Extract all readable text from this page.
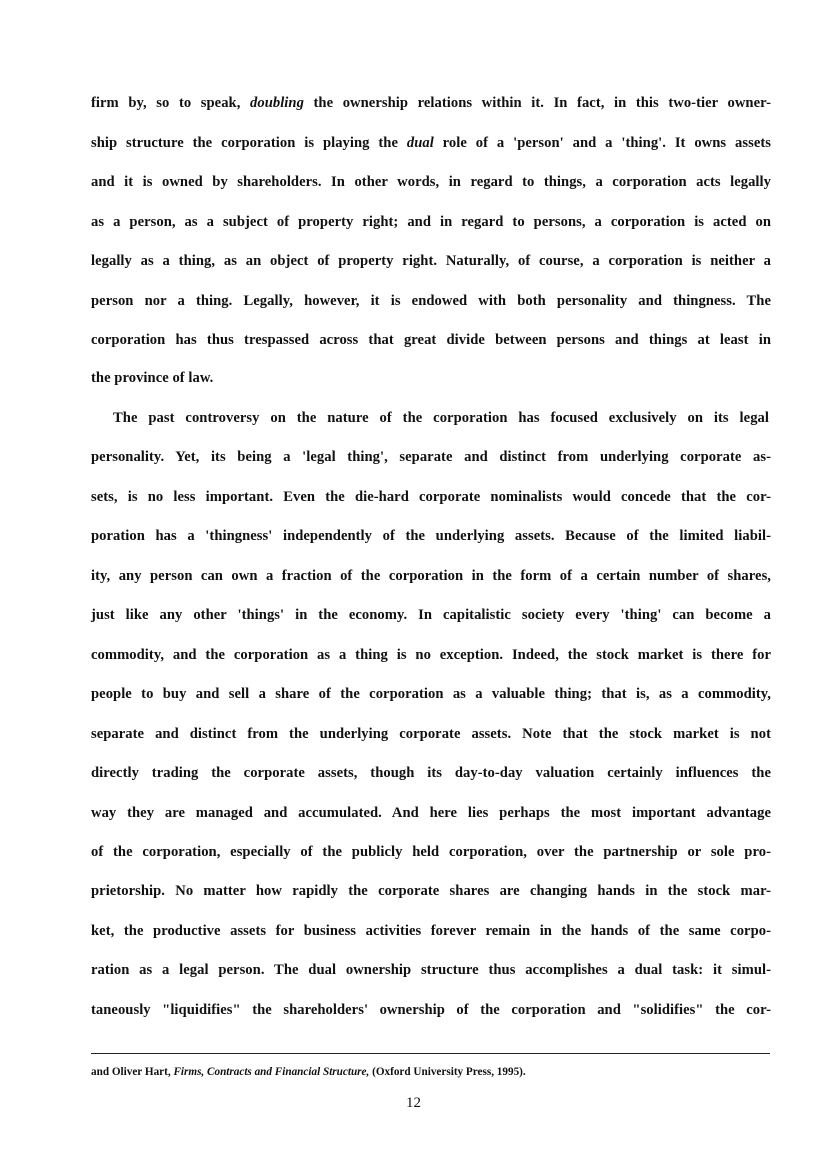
firm by, so to speak, doubling the ownership relations within it. In fact, in this two-tier owner-
ship structure the corporation is playing the dual role of a 'person' and a 'thing'. It owns assets
and it is owned by shareholders. In other words, in regard to things, a corporation acts legally
as a person, as a subject of property right; and in regard to persons, a corporation is acted on
legally as a thing, as an object of property right. Naturally, of course, a corporation is neither a
person nor a thing. Legally, however, it is endowed with both personality and thingness. The
corporation has thus trespassed across that great divide between persons and things at least in
the province of law.
The past controversy on the nature of the corporation has focused exclusively on its legal
personality. Yet, its being a 'legal thing', separate and distinct from underlying corporate as-
sets, is no less important. Even the die-hard corporate nominalists would concede that the cor-
poration has a 'thingness' independently of the underlying assets. Because of the limited liabil-
ity, any person can own a fraction of the corporation in the form of a certain number of shares,
just like any other 'things' in the economy. In capitalistic society every 'thing' can become a
commodity, and the corporation as a thing is no exception. Indeed, the stock market is there for
people to buy and sell a share of the corporation as a valuable thing; that is, as a commodity,
separate and distinct from the underlying corporate assets. Note that the stock market is not
directly trading the corporate assets, though its day-to-day valuation certainly influences the
way they are managed and accumulated. And here lies perhaps the most important advantage
of the corporation, especially of the publicly held corporation, over the partnership or sole pro-
prietorship. No matter how rapidly the corporate shares are changing hands in the stock mar-
ket, the productive assets for business activities forever remain in the hands of the same corpo-
ration as a legal person. The dual ownership structure thus accomplishes a dual task: it simul-
taneously "liquidifies" the shareholders' ownership of the corporation and "solidifies" the cor-
and Oliver Hart, Firms, Contracts and Financial Structure, (Oxford University Press, 1995).
12
